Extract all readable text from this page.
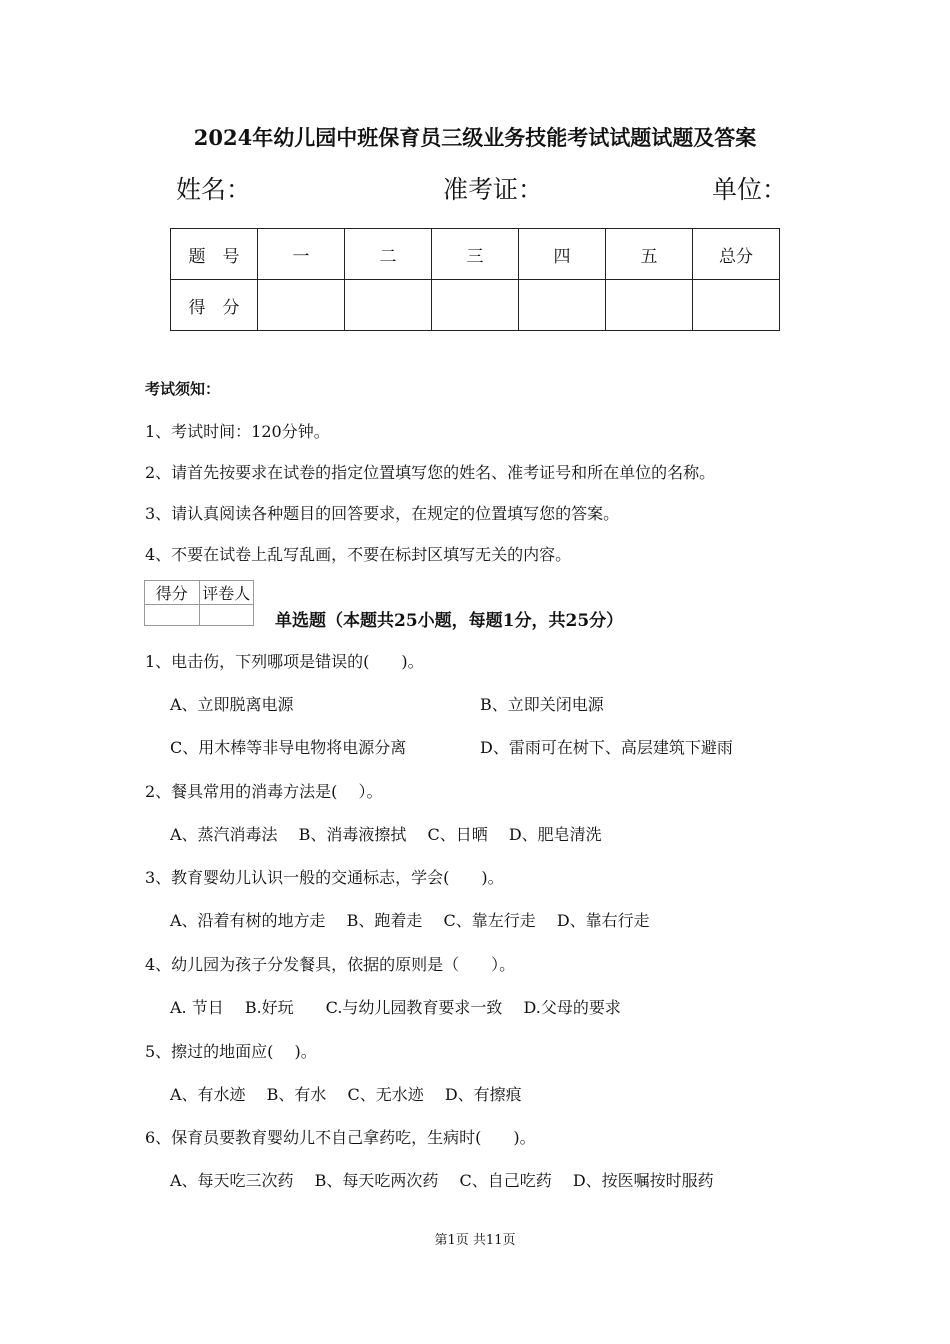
2024年幼儿园中班保育员三级业务技能考试试题试题及答案
姓名：	准考证：	单位：
题　号	一	二	三	四	五	总分
得　分						
考试须知：
1、考试时间：120分钟。
2、请首先按要求在试卷的指定位置填写您的姓名、准考证号和所在单位的名称。
3、请认真阅读各种题目的回答要求，在规定的位置填写您的答案。
4、不要在试卷上乱写乱画，不要在标封区填写无关的内容。
得分	评卷人

单选题（本题共25小题，每题1分，共25分）
1、电击伤，下列哪项是错误的(　　)。
A、立即脱离电源	B、立即关闭电源
C、用木棒等非导电物将电源分离	D、雷雨可在树下、高层建筑下避雨
2、餐具常用的消毒方法是(　 ）。
A、蒸汽消毒法　 B、消毒液擦拭　 C、日晒　 D、肥皂清洗
3、教育婴幼儿认识一般的交通标志，学会(　　)。
A、沿着有树的地方走　 B、跑着走　 C、靠左行走　 D、靠右行走
4、幼儿园为孩子分发餐具，依据的原则是（　　）。
A. 节日　 B.好玩　　C.与幼儿园教育要求一致　 D.父母的要求
5、擦过的地面应(　 )。
A、有水迹　 B、有水　 C、无水迹　 D、有擦痕
6、保育员要教育婴幼儿不自己拿药吃，生病时(　　)。
A、每天吃三次药　 B、每天吃两次药　 C、自己吃药　 D、按医嘱按时服药
第1页 共11页
